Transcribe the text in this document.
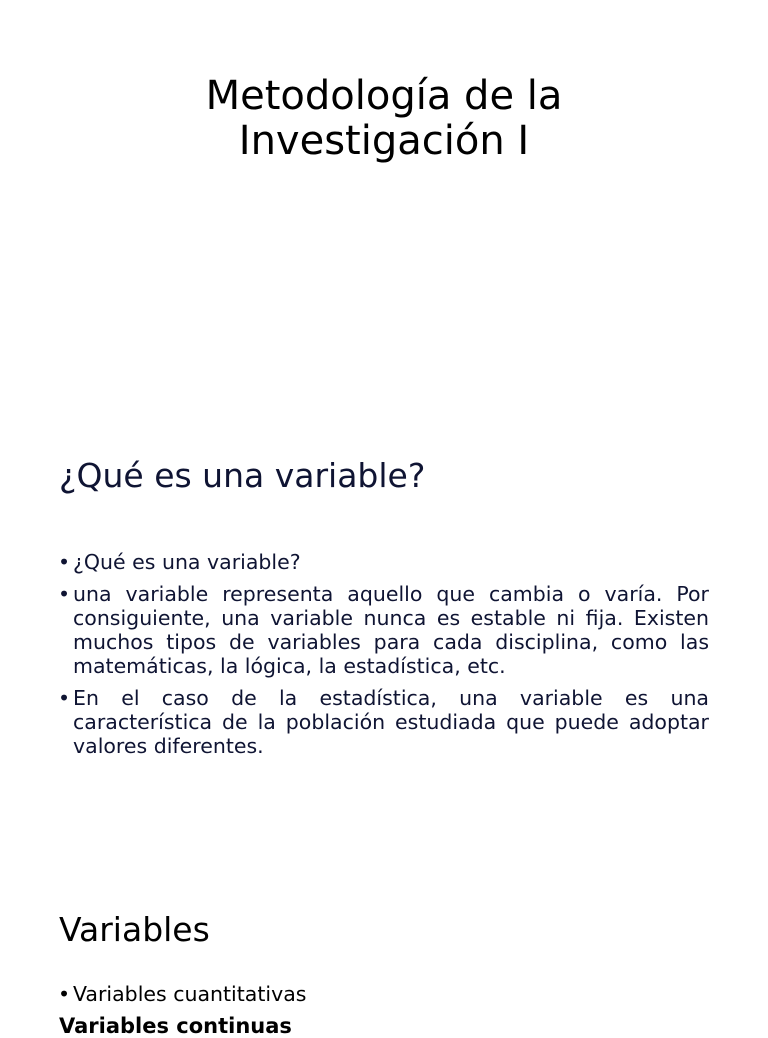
Metodología de la
Investigación I
¿Qué es una variable?
• ¿Qué es una variable?
• una variable representa aquello que cambia o varía. Por consiguiente, una variable nunca es estable ni fija. Existen muchos tipos de variables para cada disciplina, como las matemáticas, la lógica, la estadística, etc.
• En el caso de la estadística, una variable es una característica de la población estudiada que puede adoptar valores diferentes.
Variables
• Variables cuantitativas
Variables continuas
